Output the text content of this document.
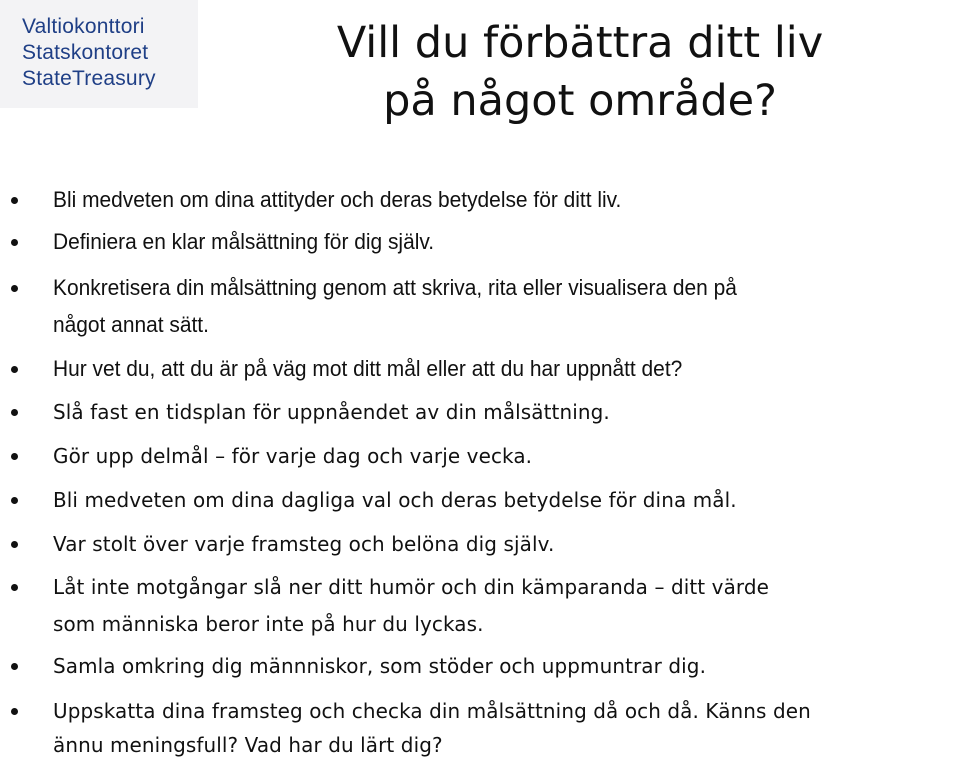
Valtiokonttori
Statskontoret
StateTreasury
Vill du förbättra ditt liv
på något område?
Bli medveten om dina attityder och deras betydelse för ditt liv.
Definiera en klar målsättning för dig själv.
Konkretisera din målsättning genom att skriva, rita eller visualisera den på
något annat sätt.
Hur vet du, att du är på väg mot ditt mål eller att du har uppnått det?
Slå fast en tidsplan för uppnåendet av din målsättning.
Gör upp delmål – för varje dag och varje vecka.
Bli medveten om dina dagliga val och deras betydelse för dina mål.
Var stolt över varje framsteg och belöna dig själv.
Låt inte motgångar slå ner ditt humör och din kämparanda – ditt värde
som människa beror inte på hur du lyckas.
Samla omkring dig männniskor, som stöder och uppmuntrar dig.
Uppskatta dina framsteg och checka din målsättning då och då. Känns den
ännu meningsfull? Vad har du lärt dig?
